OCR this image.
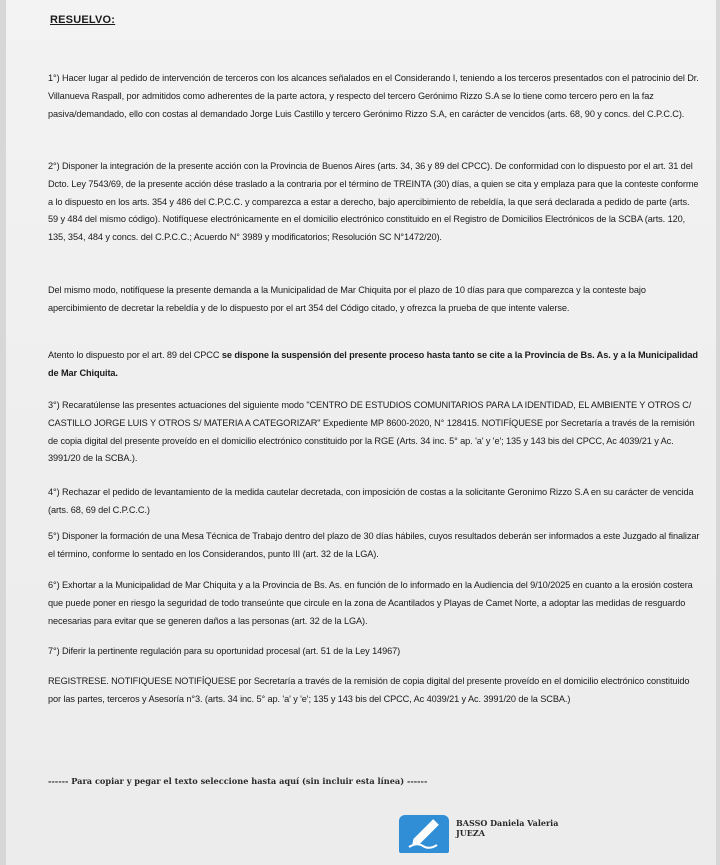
RESUELVO:

1°) Hacer lugar al pedido de intervención de terceros con los alcances señalados en el Considerando I, teniendo a los terceros presentados con el patrocinio del Dr. Villanueva Raspall, por admitidos como adherentes de la parte actora, y respecto del tercero Gerónimo Rizzo S.A se lo tiene como tercero pero en la faz pasiva/demandado, ello con costas al demandado Jorge Luis Castillo y tercero Gerónimo Rizzo S.A, en carácter de vencidos (arts. 68, 90 y concs. del C.P.C.C).

2°) Disponer la integración de la presente acción con la Provincia de Buenos Aires (arts. 34, 36 y 89 del CPCC). De conformidad con lo dispuesto por el art. 31 del Dcto. Ley 7543/69, de la presente acción dése traslado a la contraria por el término de TREINTA (30) días, a quien se cita y emplaza para que la conteste conforme a lo dispuesto en los arts. 354 y 486 del C.P.C.C. y comparezca a estar a derecho, bajo apercibimiento de rebeldía, la que será declarada a pedido de parte (arts. 59 y 484 del mismo código). Notifíquese electrónicamente en el domicilio electrónico constituido en el Registro de Domicilios Electrónicos de la SCBA (arts. 120, 135, 354, 484 y concs. del C.P.C.C.; Acuerdo N° 3989 y modificatorios; Resolución SC N°1472/20).

Del mismo modo, notifíquese la presente demanda a la Municipalidad de Mar Chiquita por el plazo de 10 días para que comparezca y la conteste bajo apercibimiento de decretar la rebeldía y de lo dispuesto por el art 354 del Código citado, y ofrezca la prueba de que intente valerse.

Atento lo dispuesto por el art. 89 del CPCC se dispone la suspensión del presente proceso hasta tanto se cite a la Provincia de Bs. As. y a la Municipalidad de Mar Chiquita.

3°) Recaratúlense las presentes actuaciones del siguiente modo "CENTRO DE ESTUDIOS COMUNITARIOS PARA LA IDENTIDAD, EL AMBIENTE Y OTROS C/ CASTILLO JORGE LUIS Y OTROS S/ MATERIA A CATEGORIZAR" Expediente MP 8600-2020, N° 128415. NOTIFÍQUESE por Secretaría a través de la remisión de copia digital del presente proveído en el domicilio electrónico constituido por la RGE (Arts. 34 inc. 5° ap. 'a' y 'e'; 135 y 143 bis del CPCC, Ac 4039/21 y Ac. 3991/20 de la SCBA.).

4°) Rechazar el pedido de levantamiento de la medida cautelar decretada, con imposición de costas a la solicitante Geronimo Rizzo S.A en su carácter de vencida (arts. 68, 69 del C.P.C.C.)

5°) Disponer la formación de una Mesa Técnica de Trabajo dentro del plazo de 30 días hábiles, cuyos resultados deberán ser informados a este Juzgado al finalizar el término, conforme lo sentado en los Considerandos, punto III (art. 32 de la LGA).

6°) Exhortar a la Municipalidad de Mar Chiquita y a la Provincia de Bs. As. en función de lo informado en la Audiencia del 9/10/2025 en cuanto a la erosión costera que puede poner en riesgo la seguridad de todo transeúnte que circule en la zona de Acantilados y Playas de Camet Norte, a adoptar las medidas de resguardo necesarias para evitar que se generen daños a las personas (art. 32 de la LGA).

7°) Diferir la pertinente regulación para su oportunidad procesal (art. 51 de la Ley 14967)

REGISTRESE. NOTIFIQUESE NOTIFÍQUESE por Secretaría a través de la remisión de copia digital del presente proveído en el domicilio electrónico constituido por las partes, terceros y Asesoría n°3. (arts. 34 inc. 5° ap. 'a' y 'e'; 135 y 143 bis del CPCC, Ac 4039/21 y Ac. 3991/20 de la SCBA.)

------ Para copiar y pegar el texto seleccione hasta aquí (sin incluir esta línea) ------
BASSO Daniela Valeria
JUEZA
